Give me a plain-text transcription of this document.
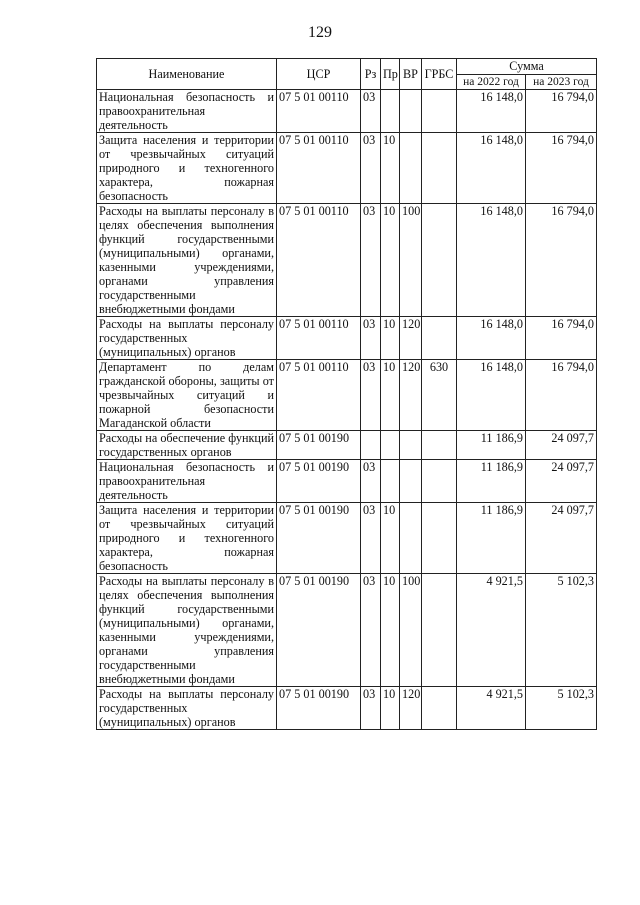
129
Наименование	ЦСР	Рз	Пр	ВР	ГРБС	Сумма	
						на 2022 год	на 2023 год
Национальная безопасность и правоохранительная деятельность	07 5 01 00110	03				16 148,0	16 794,0
Защита населения и территории от чрезвычайных ситуаций природного и техногенного характера, пожарная безопасность	07 5 01 00110	03	10			16 148,0	16 794,0
Расходы на выплаты персоналу в целях обеспечения выполнения функций государственными (муниципальными) органами, казенными учреждениями, органами управления государственными внебюджетными фондами	07 5 01 00110	03	10	100		16 148,0	16 794,0
Расходы на выплаты персоналу государственных (муниципальных) органов	07 5 01 00110	03	10	120		16 148,0	16 794,0
Департамент по делам гражданской обороны, защиты от чрезвычайных ситуаций и пожарной безопасности Магаданской области	07 5 01 00110	03	10	120	630	16 148,0	16 794,0
Расходы на обеспечение функций государственных органов	07 5 01 00190					11 186,9	24 097,7
Национальная безопасность и правоохранительная деятельность	07 5 01 00190	03				11 186,9	24 097,7
Защита населения и территории от чрезвычайных ситуаций природного и техногенного характера, пожарная безопасность	07 5 01 00190	03	10			11 186,9	24 097,7
Расходы на выплаты персоналу в целях обеспечения выполнения функций государственными (муниципальными) органами, казенными учреждениями, органами управления государственными внебюджетными фондами	07 5 01 00190	03	10	100		4 921,5	5 102,3
Расходы на выплаты персоналу государственных (муниципальных) органов	07 5 01 00190	03	10	120		4 921,5	5 102,3
